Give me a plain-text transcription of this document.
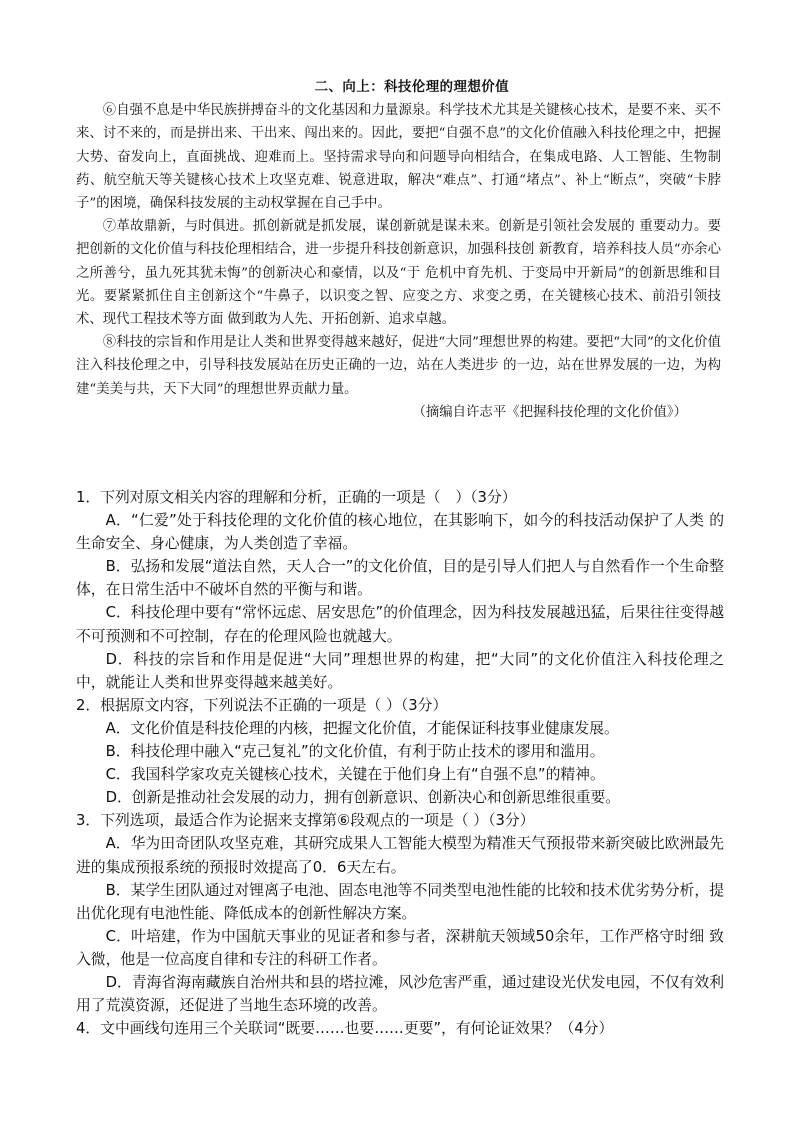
二、向上：科技伦理的理想价值

⑥自强不息是中华民族拼搏奋斗的文化基因和力量源泉。科学技术尤其是关键核心技术，是要不来、买不来、讨不来的，而是拼出来、干出来、闯出来的。因此，要把“自强不息”的文化价值融入科技伦理之中，把握大势、奋发向上，直面挑战、迎难而上。坚持需求导向和问题导向相结合，在集成电路、人工智能、生物制药、航空航天等关键核心技术上攻坚克难、锐意进取，解决“难点”、打通“堵点”、补上“断点”，突破“卡脖子”的困境，确保科技发展的主动权掌握在自己手中。

⑦革故鼎新，与时俱进。抓创新就是抓发展，谋创新就是谋未来。创新是引领社会发展的 重要动力。要把创新的文化价值与科技伦理相结合，进一步提升科技创新意识，加强科技创 新教育，培养科技人员“亦余心之所善兮，虽九死其犹未悔”的创新决心和豪情，以及“于 危机中育先机、于变局中开新局”的创新思维和目光。要紧紧抓住自主创新这个“牛鼻子，以识变之智、应变之方、求变之勇，在关键核心技术、前沿引领技术、现代工程技术等方面 做到敢为人先、开拓创新、追求卓越。

⑧科技的宗旨和作用是让人类和世界变得越来越好，促进“大同”理想世界的构建。要把“大同”的文化价值注入科技伦理之中，引导科技发展站在历史正确的一边，站在人类进步 的一边，站在世界发展的一边，为构建“美美与共，天下大同”的理想世界贡献力量。

（摘编自许志平《把握科技伦理的文化价值》）

1．下列对原文相关内容的理解和分析，正确的一项是（　）（3分）

A．“仁爱”处于科技伦理的文化价值的核心地位，在其影响下，如今的科技活动保护了人类 的生命安全、身心健康，为人类创造了幸福。

B．弘扬和发展“道法自然，天人合一”的文化价值，目的是引导人们把人与自然看作一个生命整体，在日常生活中不破坏自然的平衡与和谐。

C．科技伦理中要有“常怀远虑、居安思危”的价值理念，因为科技发展越迅猛，后果往往变得越不可预测和不可控制，存在的伦理风险也就越大。

D．科技的宗旨和作用是促进“大同”理想世界的构建，把“大同”的文化价值注入科技伦理之中，就能让人类和世界变得越来越美好。

2．根据原文内容，下列说法不正确的一项是（ ）（3分）

A．文化价值是科技伦理的内核，把握文化价值，才能保证科技事业健康发展。

B．科技伦理中融入“克己复礼”的文化价值，有利于防止技术的谬用和滥用。

C．我国科学家攻克关键核心技术，关键在于他们身上有“自强不息”的精神。

D．创新是推动社会发展的动力，拥有创新意识、创新决心和创新思维很重要。

3．下列选项，最适合作为论据来支撑第⑥段观点的一项是（ ）（3分）

A．华为田奇团队攻坚克难，其研究成果人工智能大模型为精准天气预报带来新突破比欧洲最先进的集成预报系统的预报时效提高了0．6天左右。

B．某学生团队通过对锂离子电池、固态电池等不同类型电池性能的比较和技术优劣势分析，提出优化现有电池性能、降低成本的创新性解决方案。

C．叶培建，作为中国航天事业的见证者和参与者，深耕航天领域50余年，工作严格守时细 致入微，他是一位高度自律和专注的科研工作者。

D．青海省海南藏族自治州共和县的塔拉滩，风沙危害严重，通过建设光伏发电园，不仅有效利用了荒漠资源，还促进了当地生态环境的改善。

4．文中画线句连用三个关联词“既要……也要……更要”，有何论证效果？（4分）
